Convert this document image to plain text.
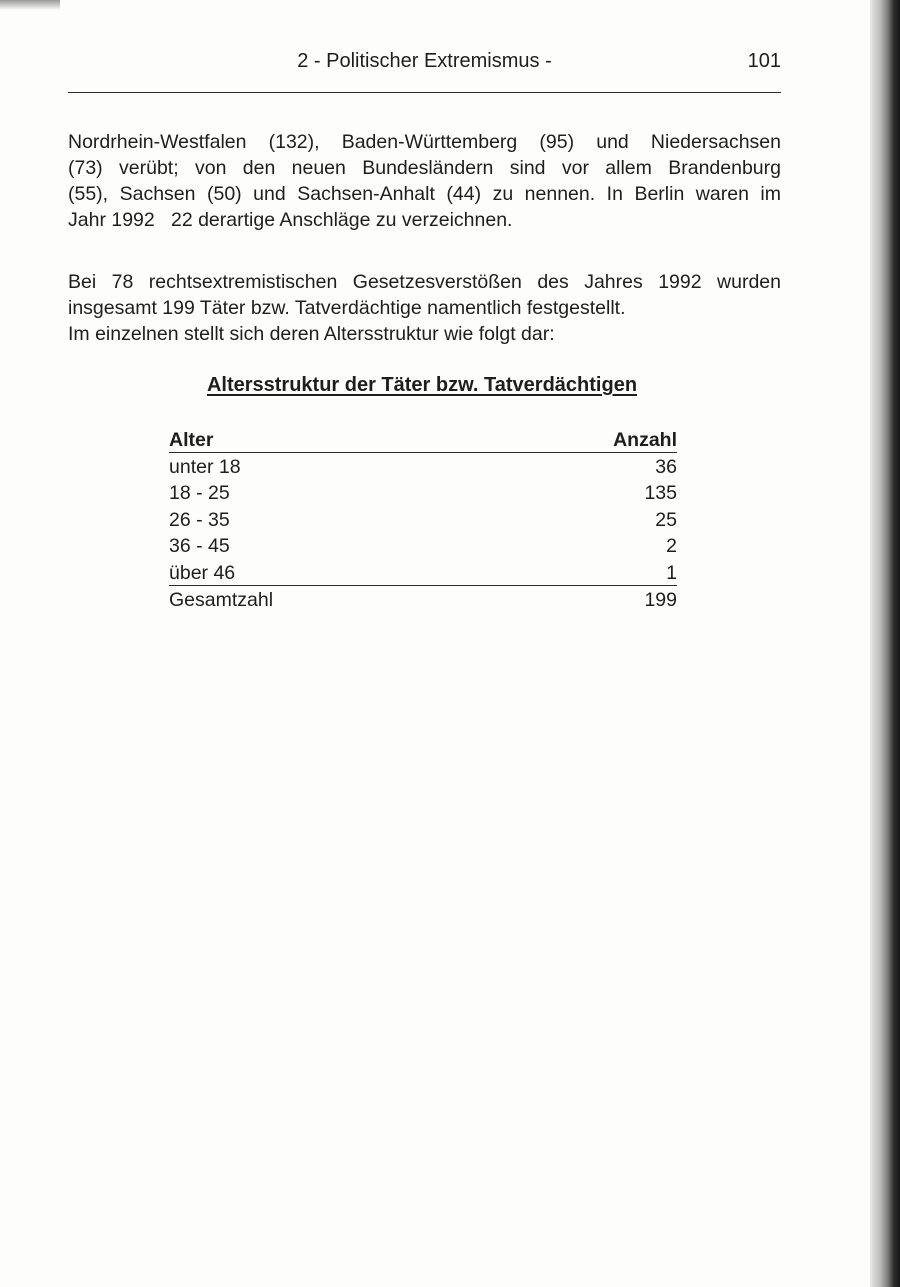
2 - Politischer Extremismus -	101

Nordrhein-Westfalen (132), Baden-Württemberg (95) und Niedersachsen
(73) verübt; von den neuen Bundesländern sind vor allem Brandenburg
(55), Sachsen (50) und Sachsen-Anhalt (44) zu nennen. In Berlin waren im
Jahr 1992   22 derartige Anschläge zu verzeichnen.

Bei 78 rechtsextremistischen Gesetzesverstößen des Jahres 1992 wurden
insgesamt 199 Täter bzw. Tatverdächtige namentlich festgestellt.
Im einzelnen stellt sich deren Altersstruktur wie folgt dar:

Altersstruktur der Täter bzw. Tatverdächtigen
Alter	Anzahl
unter 18	36
18 - 25	135
26 - 35	25
36 - 45	2
über 46	1
Gesamtzahl	199
